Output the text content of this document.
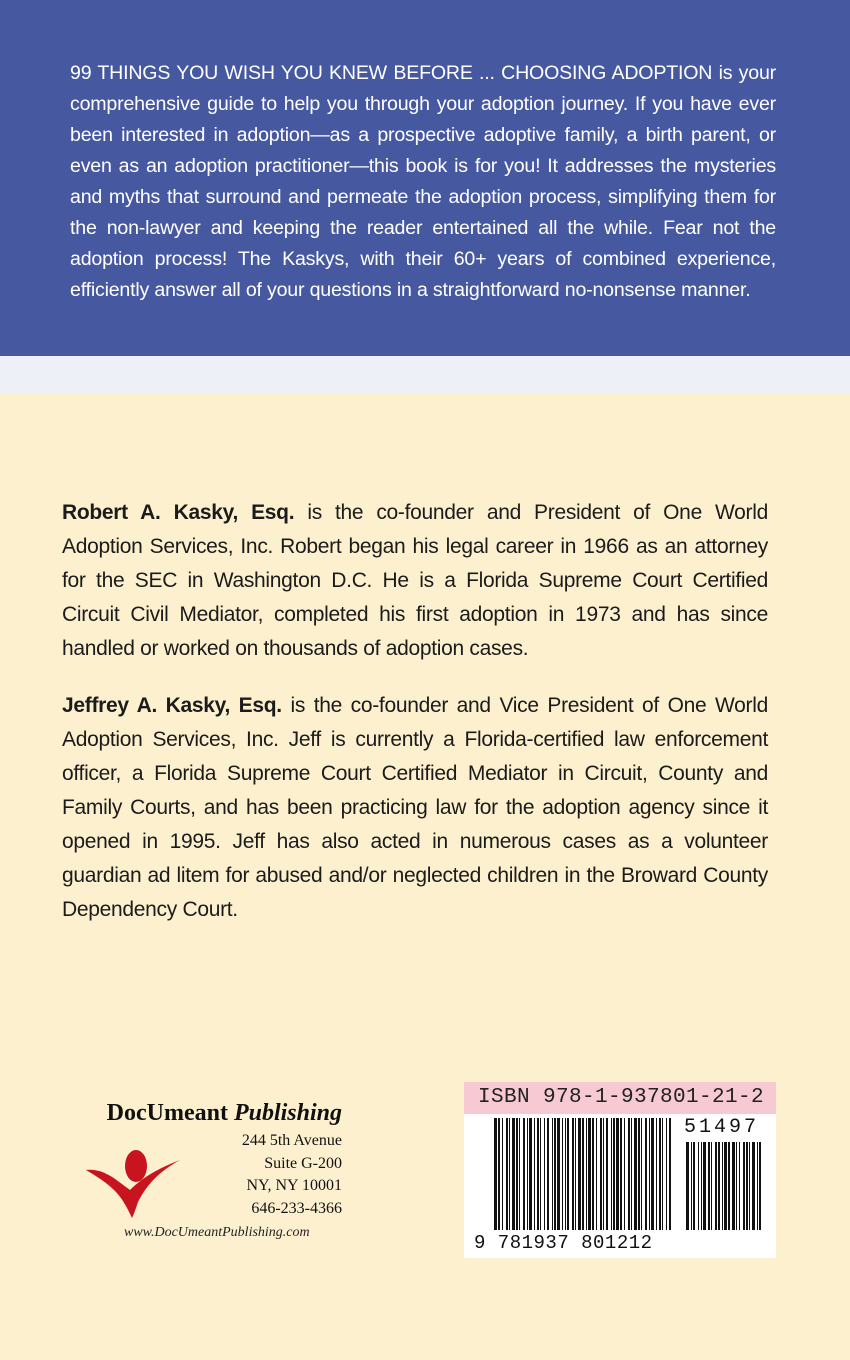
99 THINGS YOU WISH YOU KNEW BEFORE ... CHOOSING ADOPTION is your comprehensive guide to help you through your adoption journey. If you have ever been interested in adoption—as a prospective adoptive family, a birth parent, or even as an adoption practitioner—this book is for you! It addresses the mysteries and myths that surround and permeate the adoption process, simplifying them for the non-lawyer and keeping the reader entertained all the while. Fear not the adoption process! The Kaskys, with their 60+ years of combined experience, efficiently answer all of your questions in a straightforward no-nonsense manner.

Robert A. Kasky, Esq. is the co-founder and President of One World Adoption Services, Inc. Robert began his legal career in 1966 as an attorney for the SEC in Washington D.C. He is a Florida Supreme Court Certified Circuit Civil Mediator, completed his first adoption in 1973 and has since handled or worked on thousands of adoption cases.

Jeffrey A. Kasky, Esq. is the co-founder and Vice President of One World Adoption Services, Inc. Jeff is currently a Florida-certified law enforcement officer, a Florida Supreme Court Certified Mediator in Circuit, County and Family Courts, and has been practicing law for the adoption agency since it opened in 1995. Jeff has also acted in numerous cases as a volunteer guardian ad litem for abused and/or neglected children in the Broward County Dependency Court.

DocUmeant Publishing
244 5th Avenue
Suite G-200
NY, NY 10001
646-233-4366
www.DocUmeantPublishing.com
ISBN 978-1-937801-21-2
51497
9 781937 801212
